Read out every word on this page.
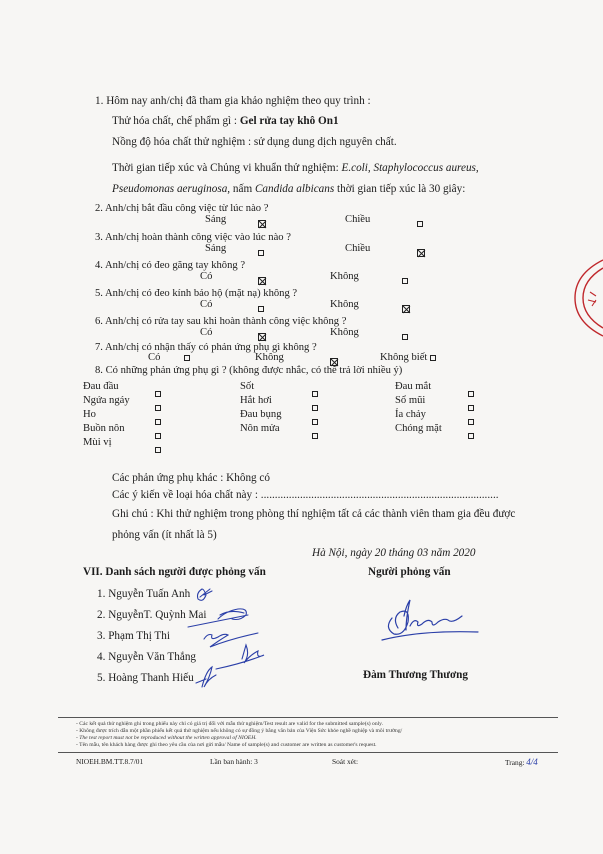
1. Hôm nay anh/chị đã tham gia khảo nghiệm theo quy trình :
Thử hóa chất, chế phẩm gì : Gel rửa tay khô On1
Nồng độ hóa chất thử nghiệm : sử dụng dung dịch nguyên chất.
Thời gian tiếp xúc và Chủng vi khuẩn thử nghiệm: E.coli, Staphylococcus aureus,
Pseudomonas aeruginosa, nấm Candida albicans thời gian tiếp xúc là 30 giây:
2. Anh/chị bắt đầu công việc từ lúc nào ?
Sáng	Chiều
3. Anh/chị hoàn thành công việc vào lúc nào ?
Sáng	Chiều
4. Anh/chị có đeo găng tay không ?
Có	Không
5. Anh/chị có đeo kính bảo hộ (mặt nạ) không ?
Có	Không
6. Anh/chị có rửa tay sau khi hoàn thành công việc không ?
Có	Không
7. Anh/chị có nhận thấy có phản ứng phụ gì không ?
Có	Không	Không biết
8. Có những phản ứng phụ gì ? (không được nhắc, có thể trả lời nhiều ý)
Đau đầu
Ngứa ngáy
Ho
Buồn nôn
Mùi vị
Sốt
Hắt hơi
Đau bụng
Nôn mửa
Đau mắt
Sổ mũi
Ỉa chảy
Chóng mặt
Các phản ứng phụ khác : Không có
Các ý kiến về loại hóa chất này : .....................................................................................
Ghi chú : Khi thử nghiệm trong phòng thí nghiệm tất cả các thành viên tham gia đều được
phỏng vấn (ít nhất là 5)
Hà Nội, ngày 20 tháng 03 năm 2020
VII. Danh sách người được phỏng vấn	Người phỏng vấn
1. Nguyễn Tuấn Anh
2. NguyễnT. Quỳnh Mai
3. Phạm Thị Thi
4. Nguyễn Văn Thắng
5. Hoàng Thanh Hiếu	Đàm Thương Thương
- Các kết quả thử nghiệm ghi trong phiếu này chỉ có giá trị đối với mẫu thử nghiệm/Test result are valid for the submitted sample(s) only.
- Không được trích dẫn một phần phiếu kết quả thử nghiệm nếu không có sự đồng ý bằng văn bản của Viện Sức khỏe nghề nghiệp và môi trường/
- The test report must not be reproduced without the written approval of NIOEH.
- Tên mẫu, tên khách hàng được ghi theo yêu cầu của nơi gửi mẫu/ Name of sample(s) and customer are written as customer's request.
NIOEH.BM.TT.8.7/01	Lần ban hành: 3	Soát xét:	Trang: 4/4
